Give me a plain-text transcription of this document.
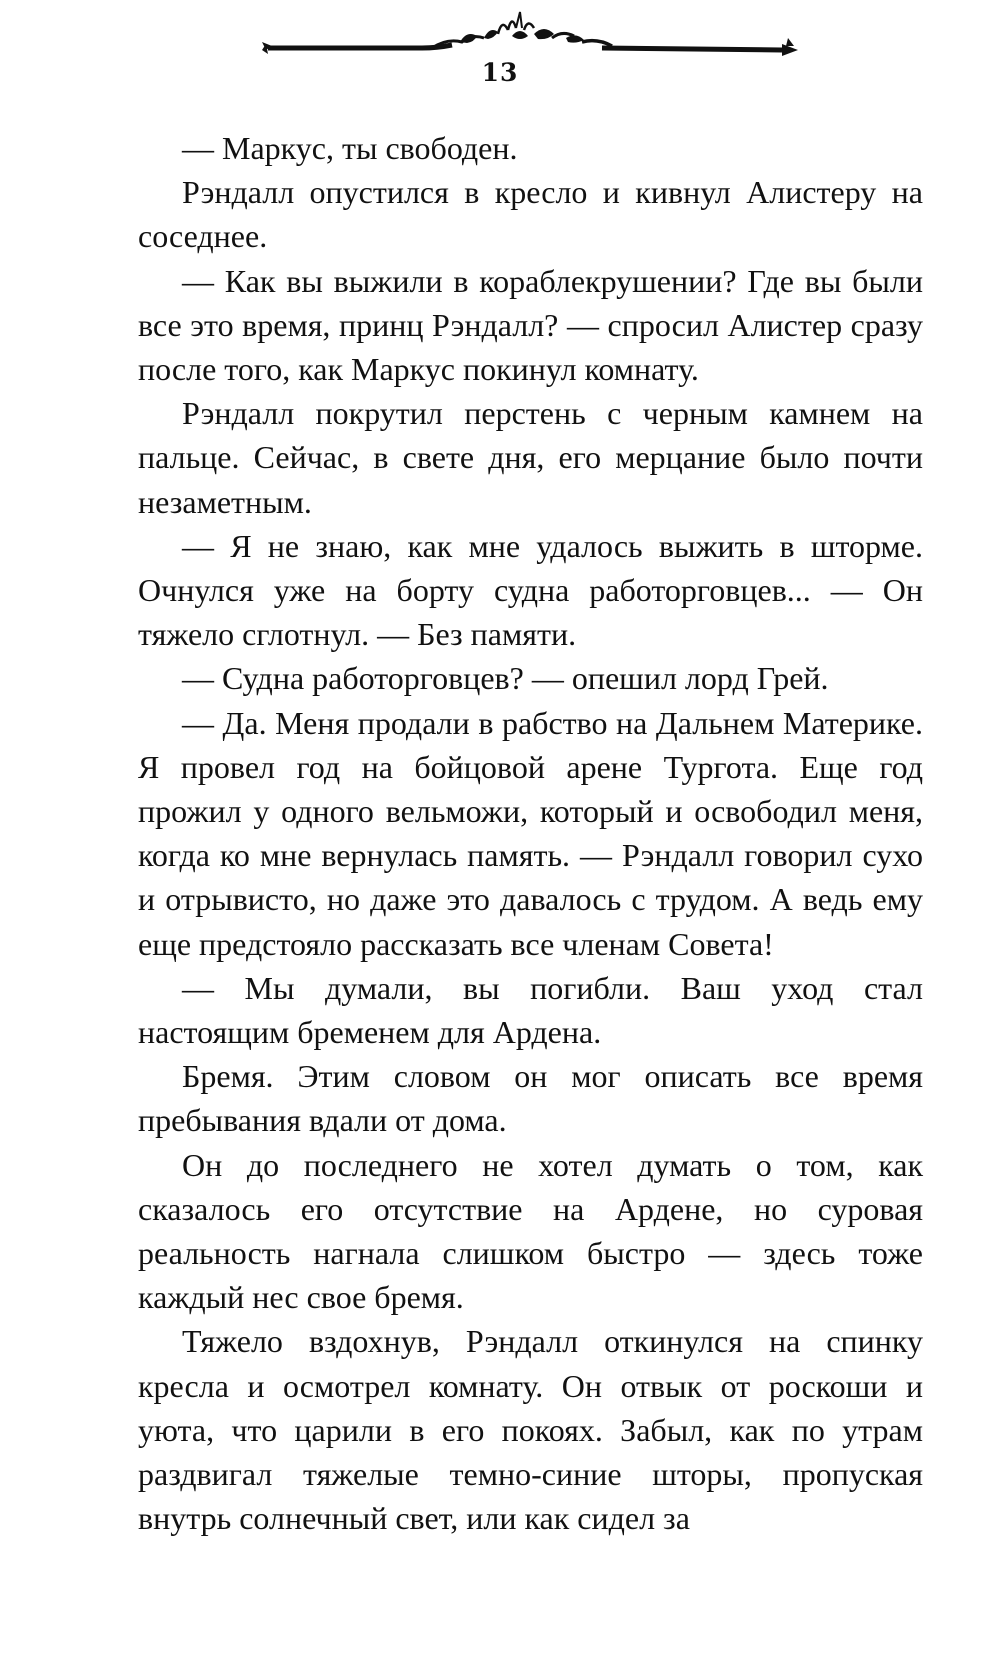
13

— Маркус, ты свободен.

Рэндалл опустился в кресло и кивнул Алистеру на соседнее.

— Как вы выжили в кораблекрушении? Где вы были все это время, принц Рэндалл? — спросил Алистер сразу после того, как Маркус покинул комнату.

Рэндалл покрутил перстень с черным камнем на пальце. Сейчас, в свете дня, его мерцание было почти незаметным.

— Я не знаю, как мне удалось выжить в шторме. Очнулся уже на борту судна работорговцев... — Он тяжело сглотнул. — Без памяти.

— Судна работорговцев? — опешил лорд Грей.

— Да. Меня продали в рабство на Дальнем Материке. Я провел год на бойцовой арене Тургота. Еще год прожил у одного вельможи, который и освободил меня, когда ко мне вернулась память. — Рэндалл говорил сухо и отрывисто, но даже это давалось с трудом. А ведь ему еще предстояло рассказать все членам Совета!

— Мы думали, вы погибли. Ваш уход стал настоящим бременем для Ардена.

Бремя. Этим словом он мог описать все время пребывания вдали от дома.

Он до последнего не хотел думать о том, как сказалось его отсутствие на Ардене, но суровая реальность нагнала слишком быстро — здесь тоже каждый нес свое бремя.

Тяжело вздохнув, Рэндалл откинулся на спинку кресла и осмотрел комнату. Он отвык от роскоши и уюта, что царили в его покоях. Забыл, как по утрам раздвигал тяжелые темно-синие шторы, пропуская внутрь солнечный свет, или как сидел за
